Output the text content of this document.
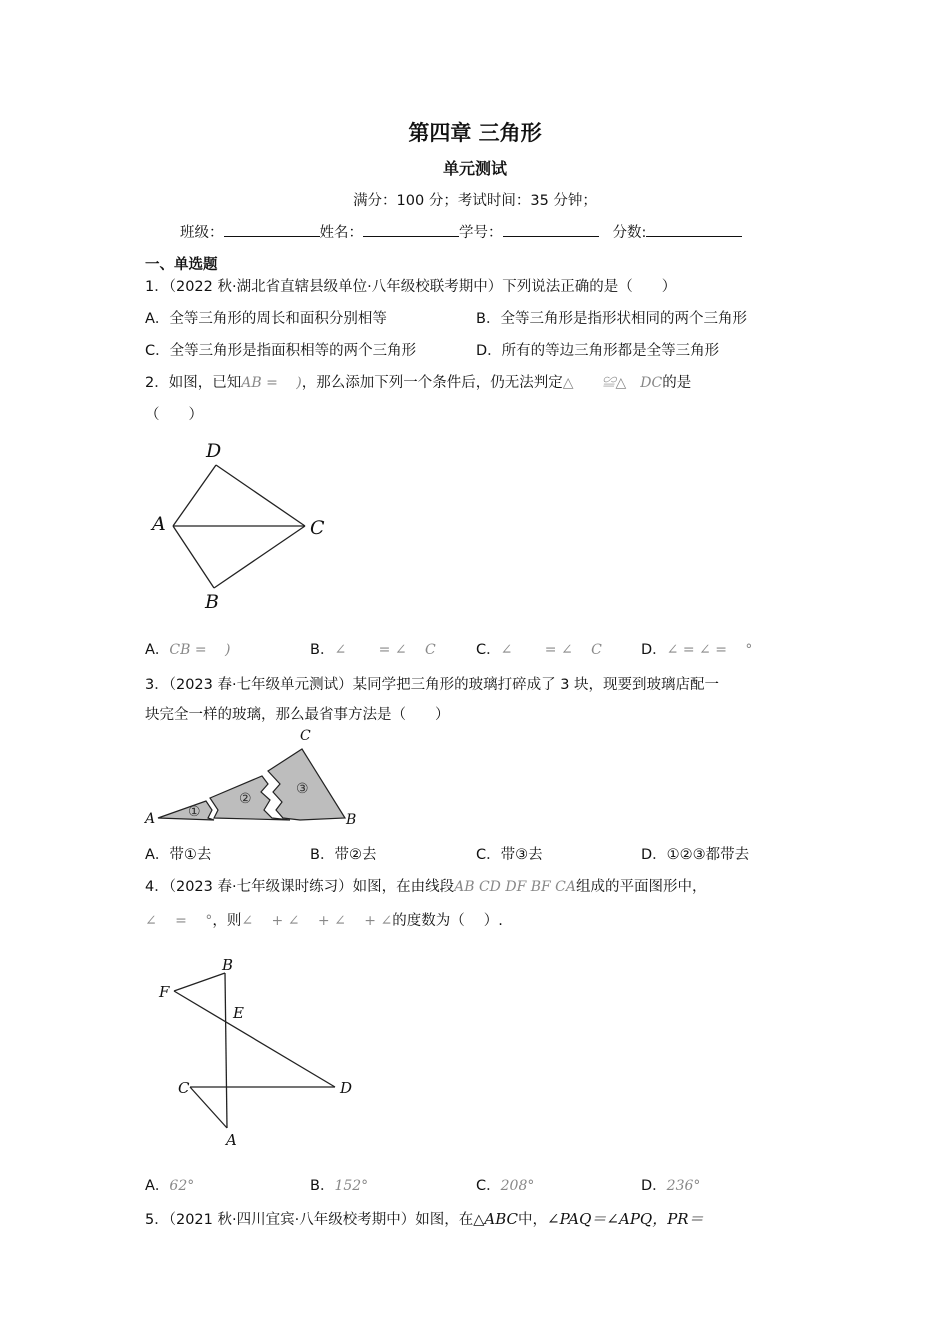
第四章 三角形
单元测试
满分：100 分；考试时间：35 分钟；
班级：	姓名：	学号：	分数:
一、单选题
1．（2022 秋·湖北省直辖县级单位·八年级校联考期中）下列说法正确的是（　　）
A．全等三角形的周长和面积分别相等	B．全等三角形是指形状相同的两个三角形
C．全等三角形是指面积相等的两个三角形	D．所有的等边三角形都是全等三角形
2．如图，已知AB =　 )，那么添加下列一个条件后，仍无法判定△　　≌△　DC的是
（　　）
D
A	C
B
A．CB =　 )	B．∠　　 = ∠　 C	C．∠　　 = ∠　 C	D．∠ = ∠ =　 °
3．（2023 春·七年级单元测试）某同学把三角形的玻璃打碎成了 3 块，现要到玻璃店配一
块完全一样的玻璃，那么最省事方法是（　　）
A	B
C
①
②
③
A．带①去	B．带②去	C．带③去	D．①②③都带去
4．（2023 春·七年级课时练习）如图，在由线段AB CD DF BF CA组成的平面图形中，
∠　 =　 °，则∠　 + ∠　 + ∠　 + ∠的度数为（　 ）.
B
F
E
C	D
A
A．62°	B．152°	C．208°	D．236°
5．（2021 秋·四川宜宾·八年级校考期中）如图，在△ABC中，∠PAQ＝∠APQ，PR＝
